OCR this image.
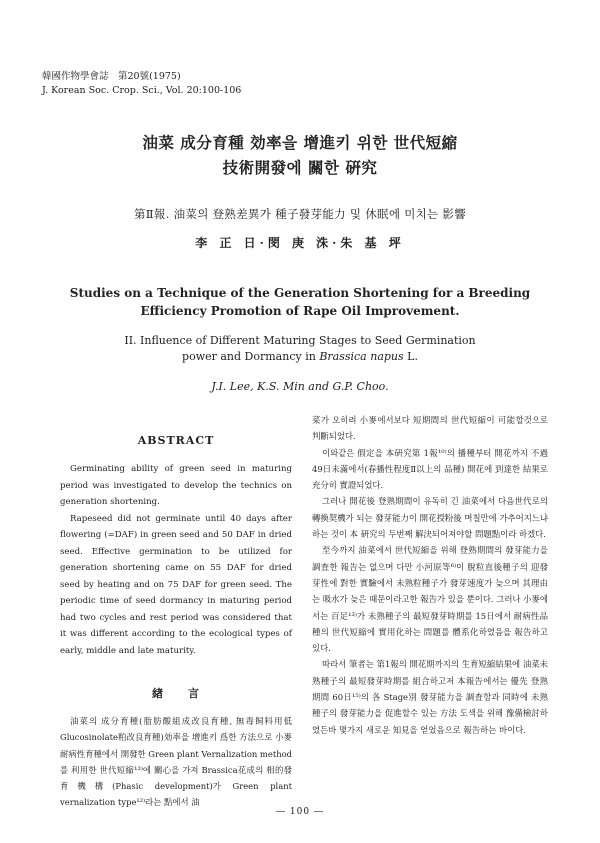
韓國作物學會誌　第20號(1975)
J. Korean Soc. Crop. Sci., Vol. 20:100-106
油菜 成分育種 効率을 增進키 위한 世代短縮
技術開發에 關한 硏究
第Ⅱ報. 油菜의 登熟差異가 種子發芽能力 및 休眠에 미치는 影響
李 正 日·閔 庚 洙·朱 基 坪
Studies on a Technique of the Generation Shortening for a Breeding
Efficiency Promotion of Rape Oil Improvement.
II. Influence of Different Maturing Stages to Seed Germination
power and Dormancy in Brassica napus L.
J.I. Lee, K.S. Min and G.P. Choo.
ABSTRACT

Germinating ability of green seed in maturing period was investigated to develop the technics on generation shortening.

Rapeseed did not germinate until 40 days after flowering (=DAF) in green seed and 50 DAF in dried seed. Effective germination to be utilized for generation shortening came on 55 DAF for dried seed by heating and on 75 DAF for green seed. The periodic time of seed dormancy in maturing period had two cycles and rest period was considered that it was different according to the ecological types of early, middle and late maturity.

緖　　言

油菜의 成分育種(脂肪酸組成改良育種, 無毒飼料用低 Glucosinolate粕改良育種)効率을 增進키 爲한 方法으로 小麥耐病性育種에서 開發한 Green plant Vernalization method를 利用한 世代短縮¹³⁾에 關心을 가져 Brassica花成의 相的發育機構(Phasic development)가 Green plant vernalization type¹²⁾라는 點에서 油

菜가 오히려 小麥에서보다 短期間의 世代短縮이 可能할것으로 判斷되었다.

이와같은 假定을 本硏究第 1報¹⁰⁾의 播種부터 開花까지 不過 49日未滿에서(春播性程度Ⅱ以上의 品種) 開花에 到達한 結果로 充分히 實證되었다.

그러나 開花後 登熟期間이 유독히 긴 油菜에서 다음世代로의 轉換契機가 되는 發芽能力이 開花授粉後 며칠만에 가추어지느냐 하는 것이 本 硏究의 두번째 解決되어져야할 問題點이라 하겠다.

至今까지 油菜에서 世代短縮을 위해 登熟期間의 發芽能力을 調査한 報告는 없으며 다만 小河原等⁶⁾이 脫粒直後種子의 迎發芽性에 對한 實驗에서 未熟粒種子가 發芽速度가 늦으며 其理由는 吸水가 늦은 때문이라고한 報告가 있을 뿐이다. 그러나 小麥에서는 百足¹³⁾가 未熟種子의 最短發芽時期를 15日에서 耐病性品種의 世代短縮에 實用化하는 問題를 體系化하였음을 報告하고 있다.

따라서 筆者는 第1報의 開花期까지의 生育短縮結果에 油菜未熟種子의 最短發芽時期를 組合하고저 本報告에서는 優先 登熟期間 60日¹⁵⁾의 各 Stage別 發芽能力을 調査함과 同時에 未熟種子의 發芽能力을 促進할수 있는 方法 도색을 위해 豫備檢討하였든바 몇가지 새로운 知見을 얻었음으로 報告하는 바이다.

― 100 ―
